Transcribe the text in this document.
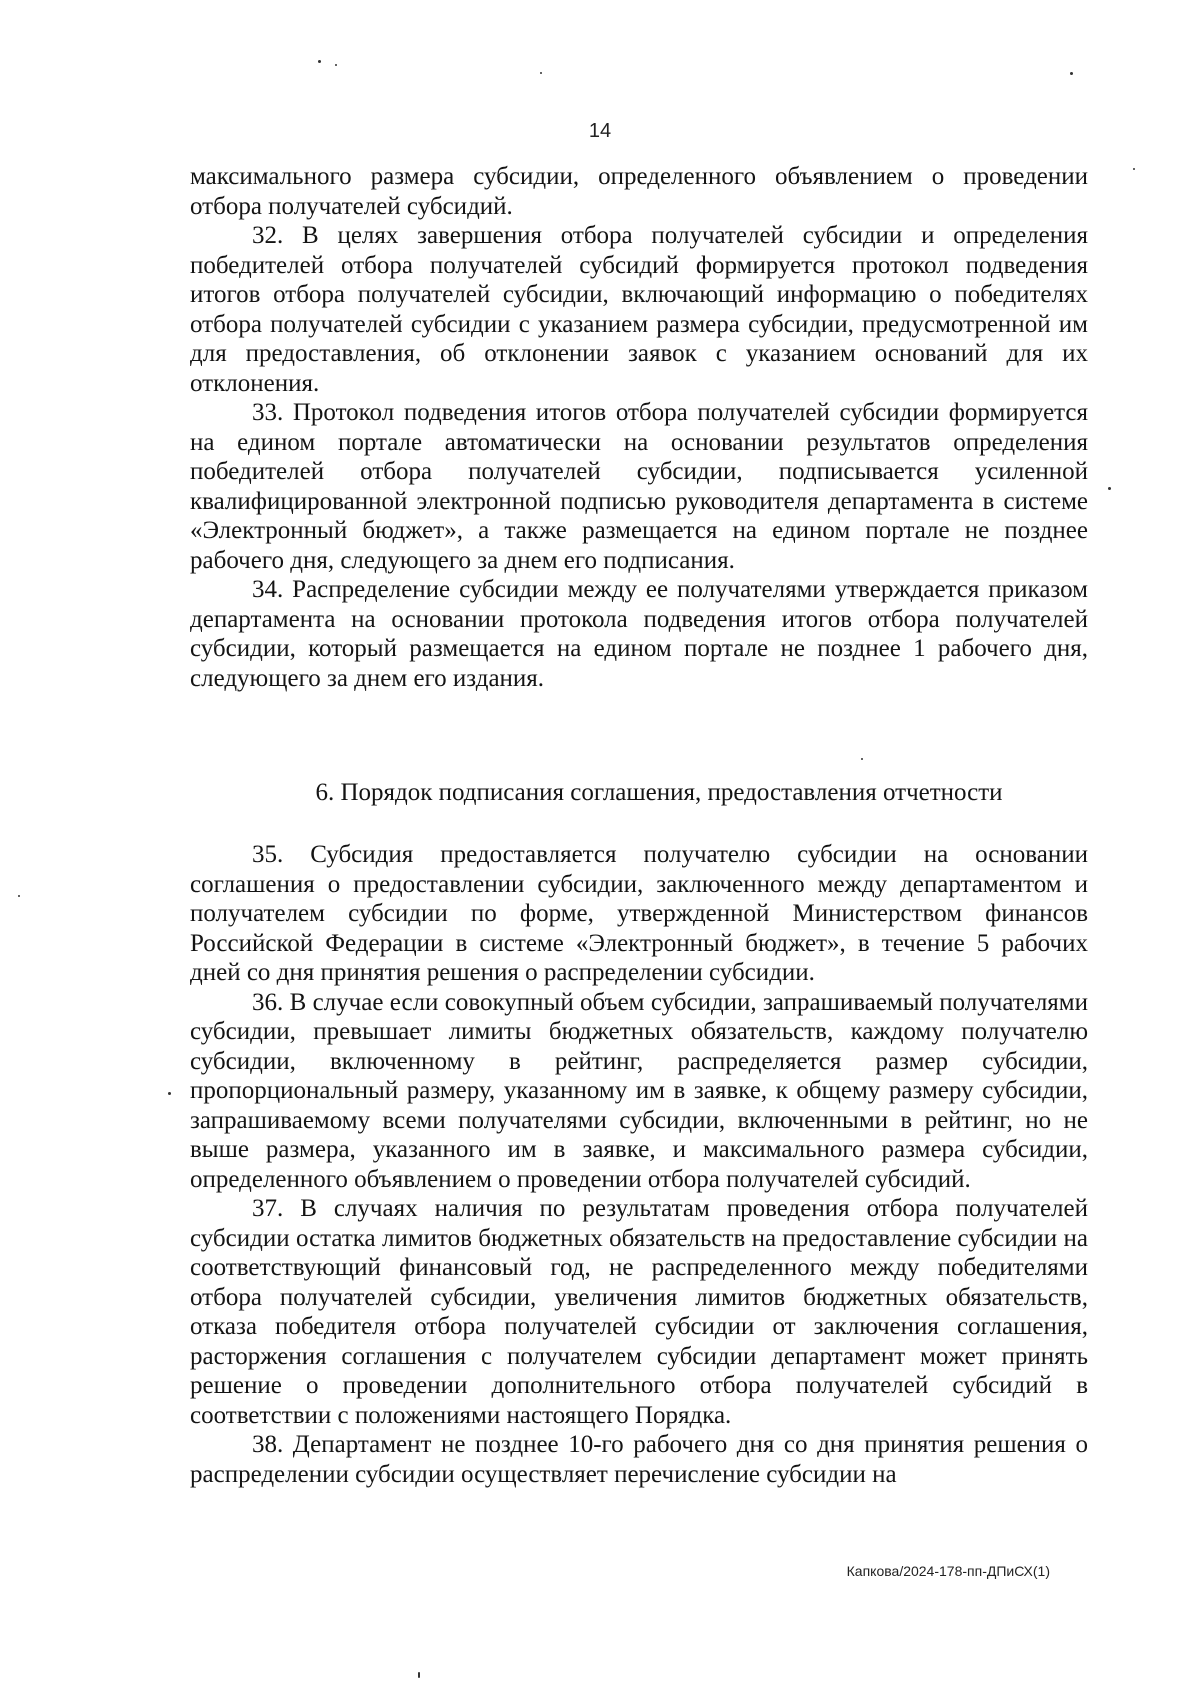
14

максимального размера субсидии, определенного объявлением о проведении отбора получателей субсидий.

32. В целях завершения отбора получателей субсидии и определения победителей отбора получателей субсидий формируется протокол подведения итогов отбора получателей субсидии, включающий информацию о победителях отбора получателей субсидии с указанием размера субсидии, предусмотренной им для предоставления, об отклонении заявок с указанием оснований для их отклонения.

33. Протокол подведения итогов отбора получателей субсидии формируется на едином портале автоматически на основании результатов определения победителей отбора получателей субсидии, подписывается усиленной квалифицированной электронной подписью руководителя департамента в системе «Электронный бюджет», а также размещается на едином портале не позднее рабочего дня, следующего за днем его подписания.

34. Распределение субсидии между ее получателями утверждается приказом департамента на основании протокола подведения итогов отбора получателей субсидии, который размещается на едином портале не позднее 1 рабочего дня, следующего за днем его издания.

6. Порядок подписания соглашения, предоставления отчетности

35. Субсидия предоставляется получателю субсидии на основании соглашения о предоставлении субсидии, заключенного между департаментом и получателем субсидии по форме, утвержденной Министерством финансов Российской Федерации в системе «Электронный бюджет», в течение 5 рабочих дней со дня принятия решения о распределении субсидии.

36. В случае если совокупный объем субсидии, запрашиваемый получателями субсидии, превышает лимиты бюджетных обязательств, каждому получателю субсидии, включенному в рейтинг, распределяется размер субсидии, пропорциональный размеру, указанному им в заявке, к общему размеру субсидии, запрашиваемому всеми получателями субсидии, включенными в рейтинг, но не выше размера, указанного им в заявке, и максимального размера субсидии, определенного объявлением о проведении отбора получателей субсидий.

37. В случаях наличия по результатам проведения отбора получателей субсидии остатка лимитов бюджетных обязательств на предоставление субсидии на соответствующий финансовый год, не распределенного между победителями отбора получателей субсидии, увеличения лимитов бюджетных обязательств, отказа победителя отбора получателей субсидии от заключения соглашения, расторжения соглашения с получателем субсидии департамент может принять решение о проведении дополнительного отбора получателей субсидий в соответствии с положениями настоящего Порядка.

38. Департамент не позднее 10-го рабочего дня со дня принятия решения о распределении субсидии осуществляет перечисление субсидии на

Капкова/2024-178-пп-ДПиСХ(1)
